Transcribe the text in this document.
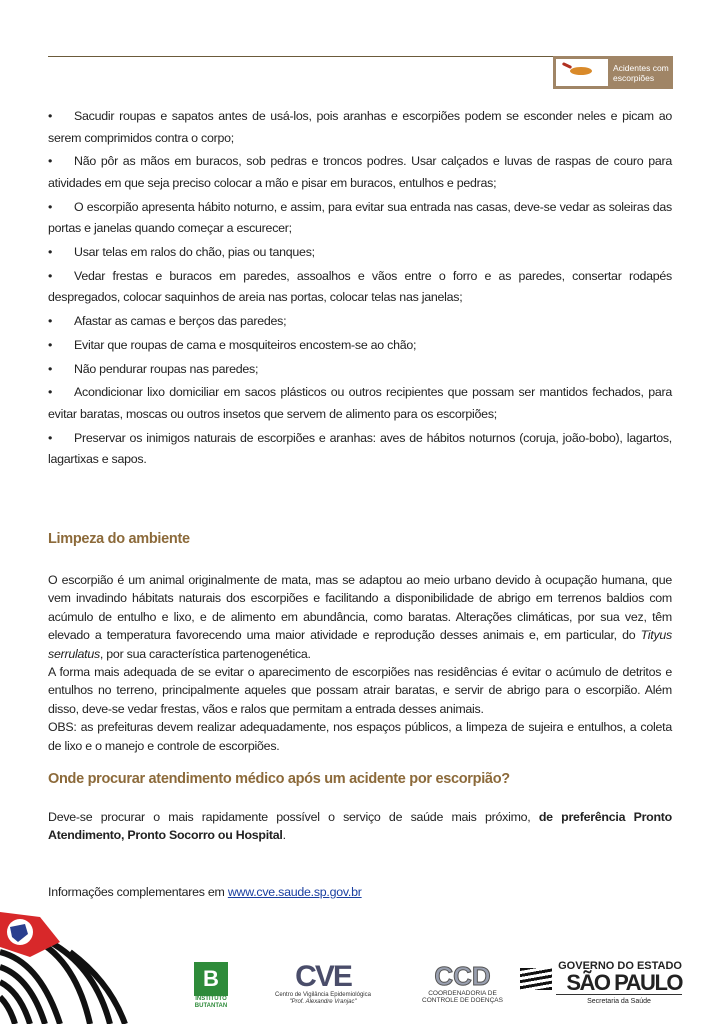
Acidentes com
escorpiões

• Sacudir roupas e sapatos antes de usá-los, pois aranhas e escorpiões podem se esconder neles e picam ao serem comprimidos contra o corpo;

• Não pôr as mãos em buracos, sob pedras e troncos podres. Usar calçados e luvas de raspas de couro para atividades em que seja preciso colocar a mão e pisar em buracos, entulhos e pedras;

• O escorpião apresenta hábito noturno, e assim, para evitar sua entrada nas casas, deve-se vedar as soleiras das portas e janelas quando começar a escurecer;

• Usar telas em ralos do chão, pias ou tanques;

• Vedar frestas e buracos em paredes, assoalhos e vãos entre o forro e as paredes, consertar rodapés despregados, colocar saquinhos de areia nas portas, colocar telas nas janelas;

• Afastar as camas e berços das paredes;

• Evitar que roupas de cama e mosquiteiros encostem-se ao chão;

• Não pendurar roupas nas paredes;

• Acondicionar lixo domiciliar em sacos plásticos ou outros recipientes que possam ser mantidos fechados, para evitar baratas, moscas ou outros insetos que servem de alimento para os escorpiões;

• Preservar os inimigos naturais de escorpiões e aranhas: aves de hábitos noturnos (coruja, joão-bobo), lagartos, lagartixas e sapos.

Limpeza do ambiente

O escorpião é um animal originalmente de mata, mas se adaptou ao meio urbano devido à ocupação humana, que vem invadindo hábitats naturais dos escorpiões e facilitando a disponibilidade de abrigo em terrenos baldios com acúmulo de entulho e lixo, e de alimento em abundância, como baratas. Alterações climáticas, por sua vez, têm elevado a temperatura favorecendo uma maior atividade e reprodução desses animais e, em particular, do Tityus serrulatus, por sua característica partenogenética.

A forma mais adequada de se evitar o aparecimento de escorpiões nas residências é evitar o acúmulo de detritos e entulhos no terreno, principalmente aqueles que possam atrair baratas, e servir de abrigo para o escorpião. Além disso, deve-se vedar frestas, vãos e ralos que permitam a entrada desses animais.

OBS: as prefeituras devem realizar adequadamente, nos espaços públicos, a limpeza de sujeira e entulhos, a coleta de lixo e o manejo e controle de escorpiões.

Onde procurar atendimento médico após um acidente por escorpião?

Deve-se procurar o mais rapidamente possível o serviço de saúde mais próximo, de preferência Pronto Atendimento, Pronto Socorro ou Hospital.

Informações complementares em www.cve.saude.sp.gov.br
B
INSTITUTO BUTANTAN
CVE
Centro de Vigilância Epidemiológica
"Prof. Alexandre Vranjac"
CCD
COORDENADORIA DE
CONTROLE DE DOENÇAS
GOVERNO DO ESTADO
SÃO PAULO
Secretaria da Saúde
